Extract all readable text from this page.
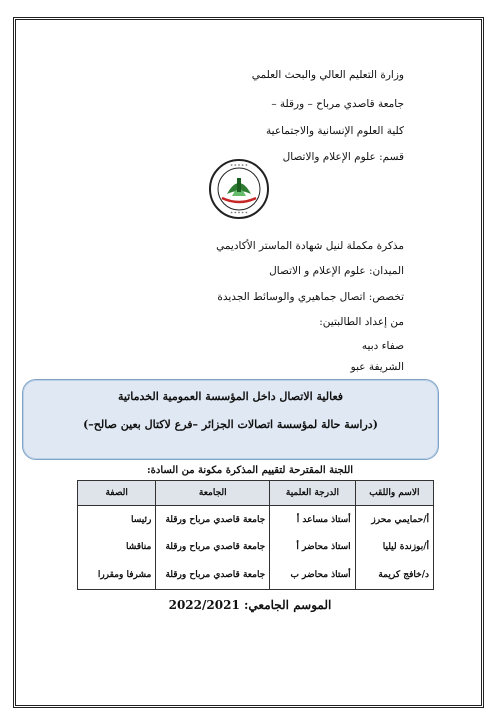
وزارة التعليم العالي والبحث العلمي
جامعة قاصدي مرباح – ورقلة –
كلية العلوم الإنسانية والاجتماعية
قسم: علوم الإعلام والاتصال
* * * * *
* * * * *
مذكرة مكملة لنيل شهادة الماستر الأكاديمي
الميدان: علوم الإعلام و الاتصال
تخصص: اتصال جماهيري والوسائط الجديدة
من إعداد الطالبتين:
صفاء دبيه
الشريفة عبو
فعالية الاتصال داخل المؤسسة العمومية الخدماتية
(دراسة حالة لمؤسسة اتصالات الجزائر –فرع لاكتال بعين صالح–)
اللجنة المقترحة لتقييم المذكرة مكونة من السادة:
الاسم واللقب	الدرجة العلمية	الجامعة	الصفة
أ/حمايمي محرز	أستاذ مساعد أ	جامعة قاصدي مرباح ورقلة	رئيسا
أ/بوزندة ليليا	استاذ محاضر أ	جامعة قاصدي مرباح ورقلة	مناقشا
د/خافج كريمة	أستاذ محاضر ب	جامعة قاصدي مرباح ورقلة	مشرفا ومقررا
الموسم الجامعي: 2022/2021
